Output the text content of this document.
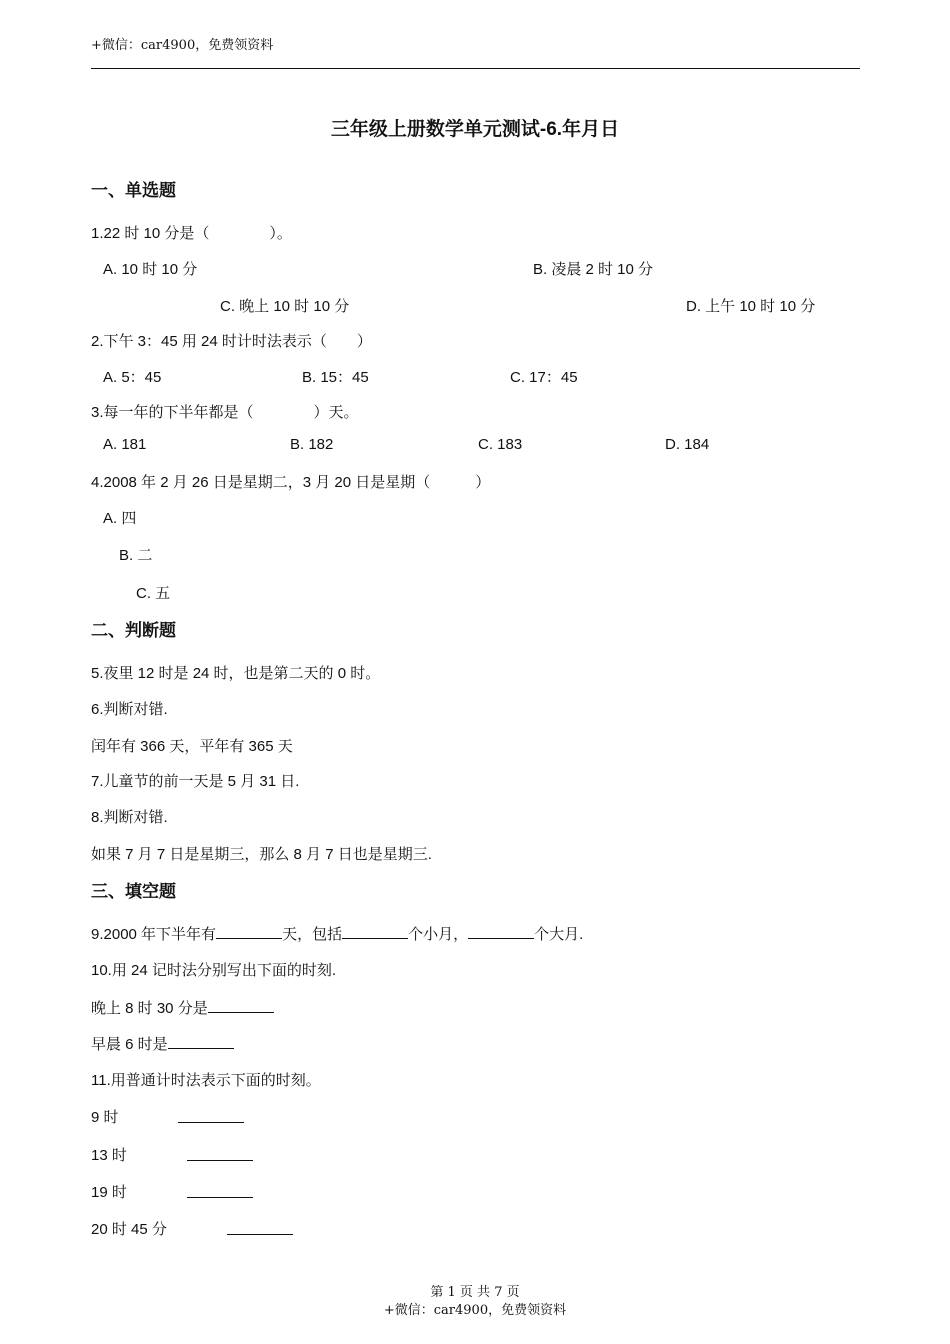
+微信：car4900，免费领资料
三年级上册数学单元测试-6.年月日
一、单选题
1.22 时 10 分是（　　　　）。
A. 10 时 10 分	B. 凌晨 2 时 10 分
C. 晚上 10 时 10 分	D. 上午 10 时 10 分
2.下午 3：45 用 24 时计时法表示（　　）
A. 5：45	B. 15：45	C. 17：45
3.每一年的下半年都是（　　　　）天。
A. 181	B. 182	C. 183	D. 184
4.2008 年 2 月 26 日是星期二，3 月 20 日是星期（　　　）
A. 四
B. 二
C. 五
二、判断题
5.夜里 12 时是 24 时，也是第二天的 0 时。
6.判断对错.
闰年有 366 天，平年有 365 天
7.儿童节的前一天是 5 月 31 日.
8.判断对错.
如果 7 月 7 日是星期三，那么 8 月 7 日也是星期三.
三、填空题
9.2000 年下半年有	天，包括	个小月，	个大月.
10.用 24 记时法分别写出下面的时刻.
晚上 8 时 30 分是
早晨 6 时是
11.用普通计时法表示下面的时刻。
9 时
13 时
19 时
20 时 45 分
第 1 页 共 7 页
+微信：car4900，免费领资料
